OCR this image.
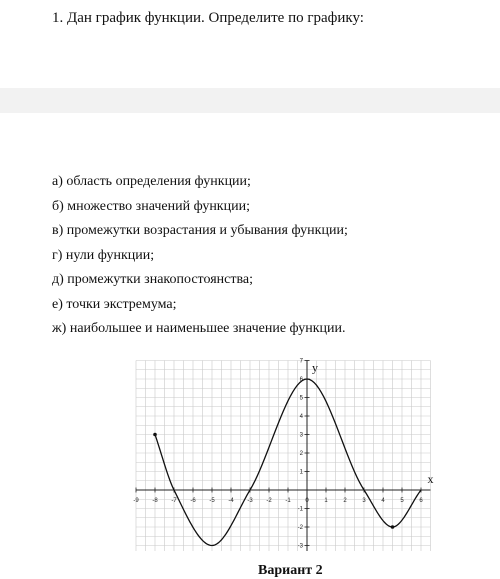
1. Дан график функции. Определите по графику:
а) область определения функции;
б) множество значений функции;
в) промежутки возрастания и убывания функции;
г) нули функции;
д) промежутки знакопостоянства;
е) точки экстремума;
ж) наибольшее и наименьшее значение функции.
-9 -8 -7 -6 -5 -4 -3 -2 -1 0	1	2	3	4	5	6
-3
-2
-1
1
2
3
4
5
6
7
x
y
Вариант 2
